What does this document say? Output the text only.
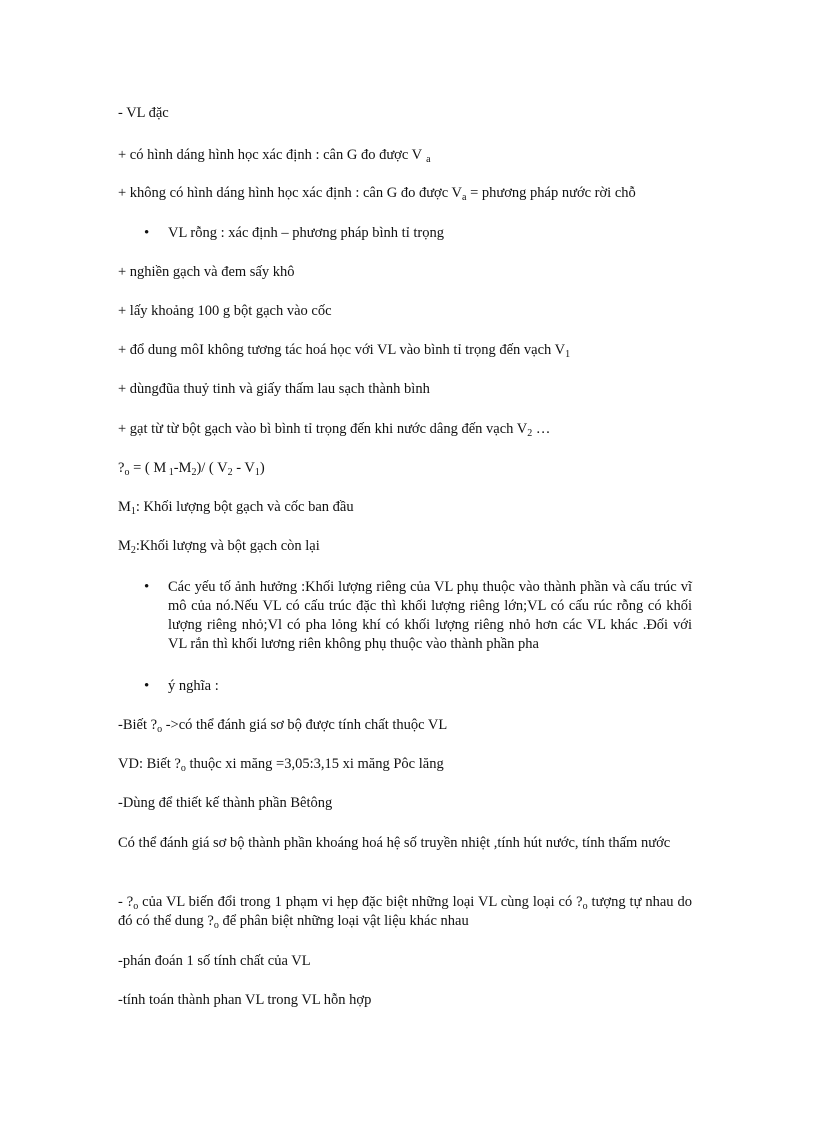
- VL đặc

+ có hình dáng hình học xác định : cân G đo được V $_a$

+ không có hình dáng hình học xác định : cân G đo được $V_a$ = phương pháp nước rời chỗ

•

VL rỗng : xác định – phương pháp bình tỉ trọng

+ nghiền gạch và đem sấy khô

+ lấy khoảng 100 g bột gạch vào cốc

+ đổ dung môI không tương tác hoá học với VL vào bình tỉ trọng đến vạch $V_1$

+ dùngđũa thuỷ tinh và giấy thấm lau sạch thành bình

+ gạt từ từ bột gạch vào bì bình tỉ trọng đến khi nước dâng đến vạch $V_2$ …

$?_o$ = ( M $_1-M_2)/$ ( $V_2 - V_1$)

$M_1$: Khối lượng bột gạch và cốc ban đầu

$M_2:Khối$ lượng và bột gạch còn lại

•

Các yếu tố ảnh hưởng :Khối lượng riêng của VL phụ thuộc vào thành phần và cấu trúc vĩ mô của nó.Nếu VL có cấu trúc đặc thì khối lượng riêng lớn;VL có cấu rúc rỗng có khối lượng riêng nhỏ;Vl có pha lỏng khí có khối lượng riêng nhỏ hơn các VL khác .Đối với VL rắn thì khối lương riên không phụ thuộc vào thành phần pha

•

ý nghĩa :

-Biết $?_o$ ->có thể đánh giá sơ bộ được tính chất thuộc VL

VD: Biết $?_o$ thuộc xi măng =3,05:3,15 xi măng Pôc lăng

-Dùng để thiết kế thành phần Bêtông

Có thể đánh giá sơ bộ thành phần khoáng hoá hệ số truyền nhiệt ,tính hút nước, tính thấm nước

- $?_o$ của VL biến đổi trong 1 phạm vi hẹp đặc biệt những loại VL cùng loại có $?_o$ tượng tự nhau do đó có thể dung $?_o$ để phân biệt những loại vật liệu khác nhau

-phán đoán 1 số tính chất của VL

-tính toán thành phan VL trong VL hỗn hợp
